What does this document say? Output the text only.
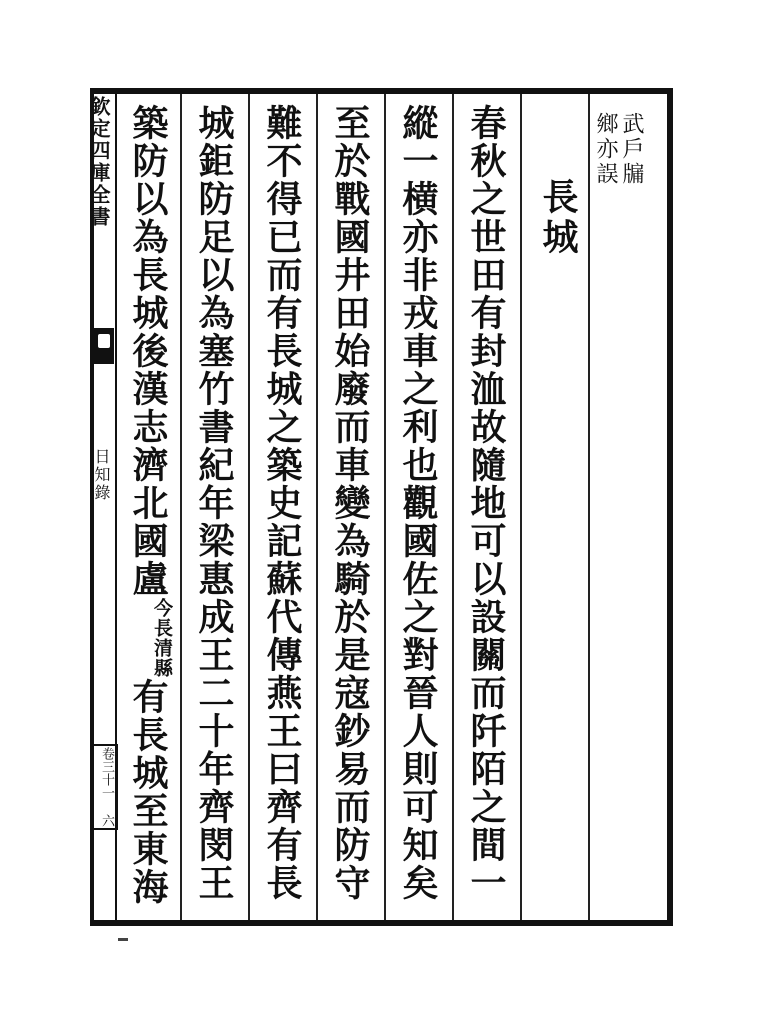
欽定四庫全書
日知錄
卷三十一 六
武戶牖
鄉亦誤
長城
春秋之世田有封洫故隨地可以設關而阡陌之間一
縱一横亦非戎車之利也觀國佐之對晉人則可知矣
至於戰國井田始廢而車變為騎於是寇鈔易而防守
難不得已而有長城之築史記蘇代傳燕王曰齊有長
城鉅防足以為塞竹書紀年梁惠成王二十年齊閔王
築防以為長城後漢志濟北國盧今長清縣有長城至東海
